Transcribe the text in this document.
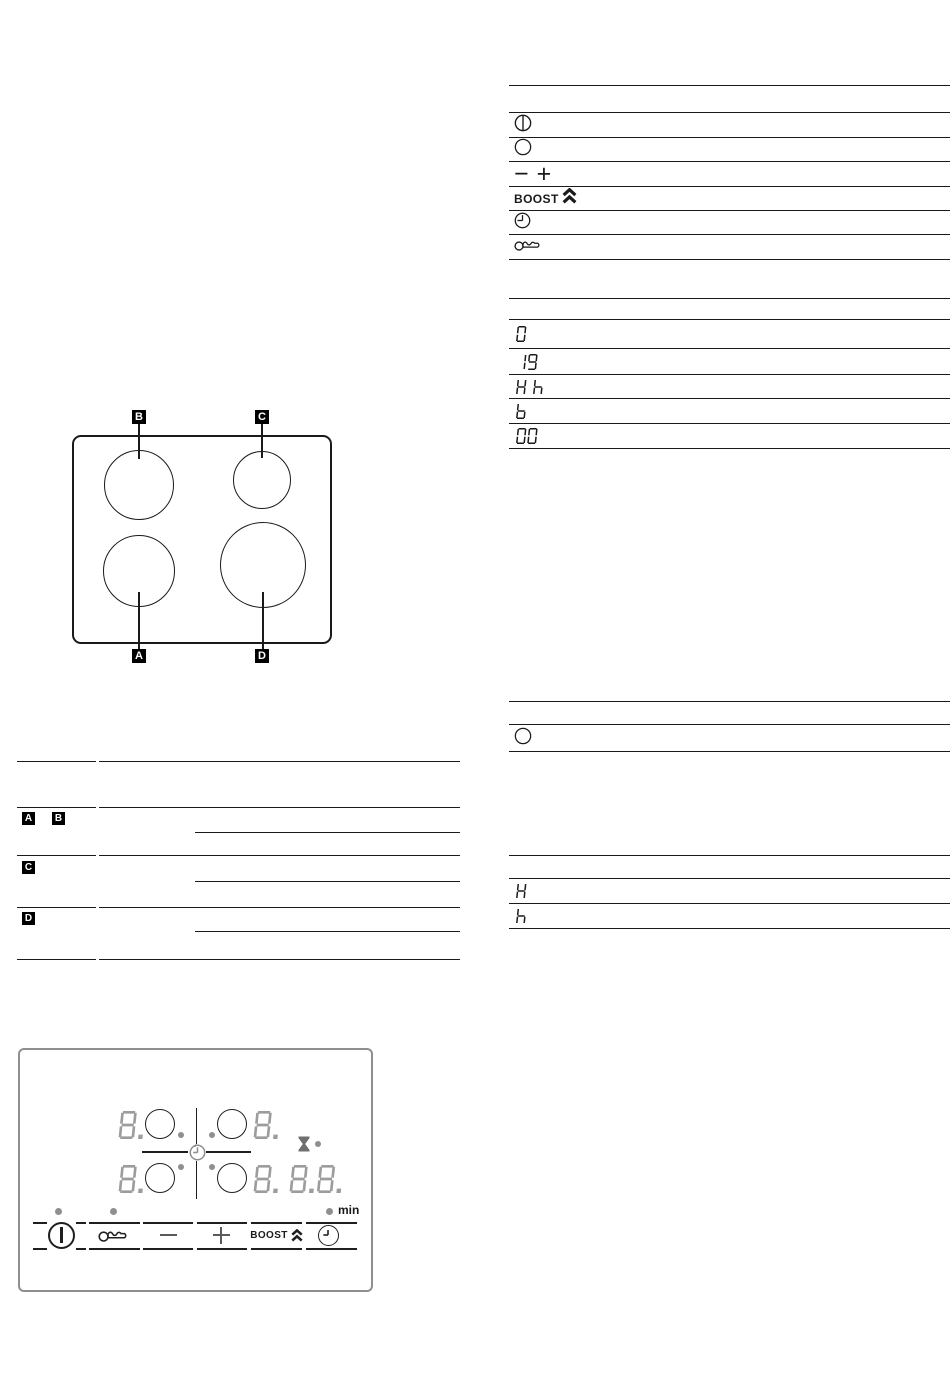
− +
BOOST
B	C
A	D
A B
C
D
min
BOOST
